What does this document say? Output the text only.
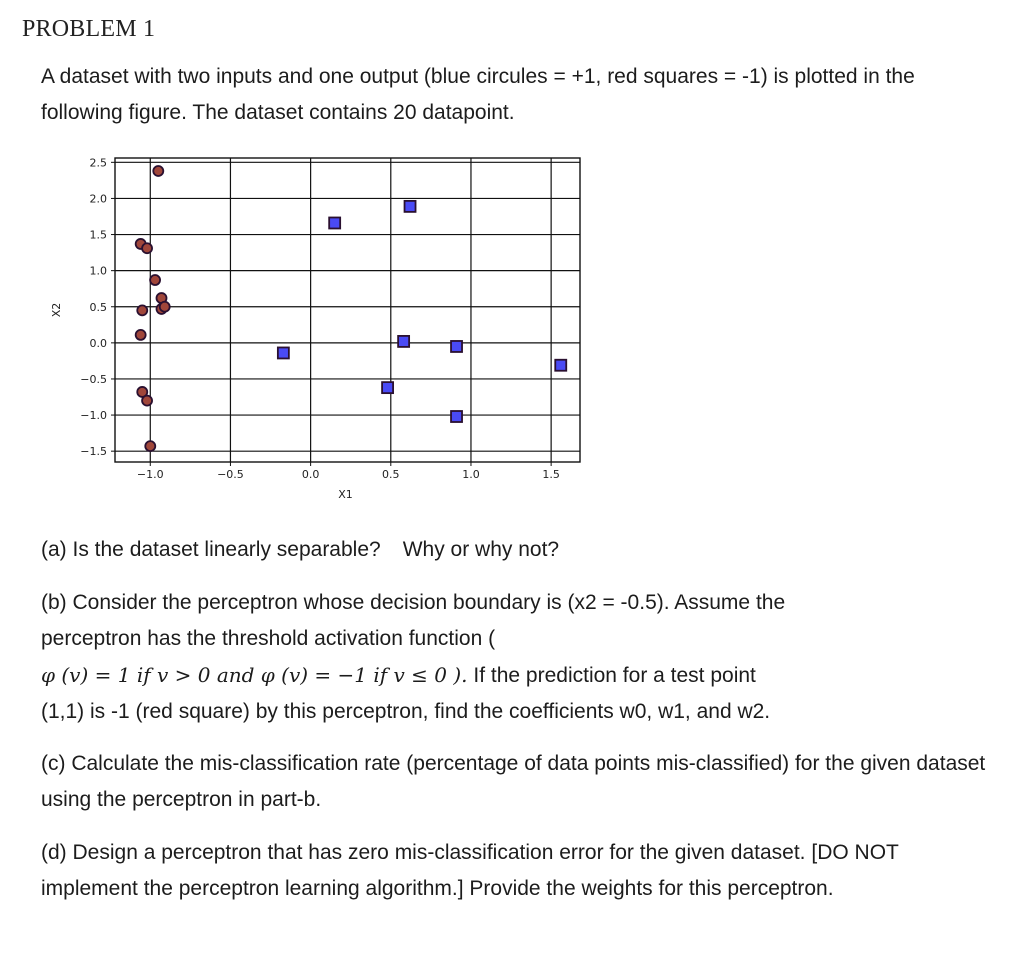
PROBLEM 1
A dataset with two inputs and one output (blue circules = +1, red squares = -1) is plotted in the following figure. The dataset contains 20 datapoint.
−1.0	−0.5	0.0	0.5	1.0	1.5
−1.5
−1.0
−0.5
0.0
0.5
1.0
1.5
2.0
2.5
X1
X2
(a) Is the dataset linearly separable? Why or why not?
(b) Consider the perceptron whose decision boundary is (x2 = -0.5). Assume the
perceptron has the threshold activation function (
φ (v) = 1 if v > 0 and φ (v) = −1 if v ≤ 0 ). If the prediction for a test point
(1,1) is -1 (red square) by this perceptron, find the coefficients w0, w1, and w2.
(c) Calculate the mis-classification rate (percentage of data points mis-classified) for the given dataset using the perceptron in part-b.
(d) Design a perceptron that has zero mis-classification error for the given dataset. [DO NOT implement the perceptron learning algorithm.] Provide the weights for this perceptron.
